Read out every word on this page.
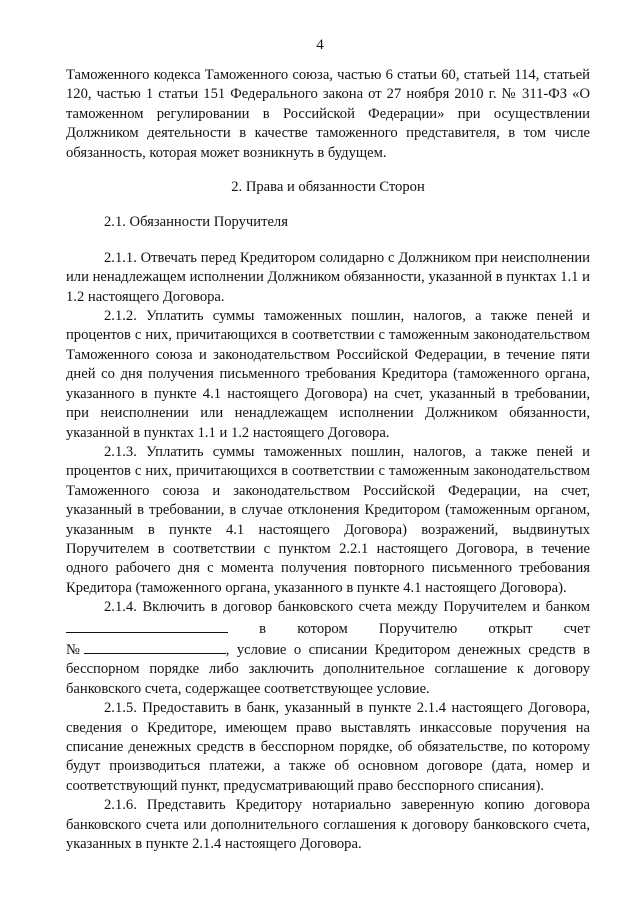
4

Таможенного кодекса Таможенного союза, частью 6 статьи 60, статьей 114, статьей 120, частью 1 статьи 151 Федерального закона от 27 ноября 2010 г. № 311-ФЗ «О таможенном регулировании в Российской Федерации» при осуществлении Должником деятельности в качестве таможенного представителя, в том числе обязанность, которая может возникнуть в будущем.

2. Права и обязанности Сторон

2.1. Обязанности Поручителя

2.1.1. Отвечать перед Кредитором солидарно с Должником при неисполнении или ненадлежащем исполнении Должником обязанности, указанной в пунктах 1.1 и 1.2 настоящего Договора.

2.1.2. Уплатить суммы таможенных пошлин, налогов, а также пеней и процентов с них, причитающихся в соответствии с таможенным законодательством Таможенного союза и законодательством Российской Федерации, в течение пяти дней со дня получения письменного требования Кредитора (таможенного органа, указанного в пункте 4.1 настоящего Договора) на счет, указанный в требовании, при неисполнении или ненадлежащем исполнении Должником обязанности, указанной в пунктах 1.1 и 1.2 настоящего Договора.

2.1.3. Уплатить суммы таможенных пошлин, налогов, а также пеней и процентов с них, причитающихся в соответствии с таможенным законодательством Таможенного союза и законодательством Российской Федерации, на счет, указанный в требовании, в случае отклонения Кредитором (таможенным органом, указанным в пункте 4.1 настоящего Договора) возражений, выдвинутых Поручителем в соответствии с пунктом 2.2.1 настоящего Договора, в течение одного рабочего дня с момента получения повторного письменного требования Кредитора (таможенного органа, указанного в пункте 4.1 настоящего Договора).

2.1.4. Включить в договор банковского счета между Поручителем и банком

в котором Поручителю открыт счет

№	, условие о списании Кредитором денежных средств в бесспорном порядке либо заключить дополнительное соглашение к договору банковского счета, содержащее соответствующее условие.

2.1.5. Предоставить в банк, указанный в пункте 2.1.4 настоящего Договора, сведения о Кредиторе, имеющем право выставлять инкассовые поручения на списание денежных средств в бесспорном порядке, об обязательстве, по которому будут производиться платежи, а также об основном договоре (дата, номер и соответствующий пункт, предусматривающий право бесспорного списания).

2.1.6. Представить Кредитору нотариально заверенную копию договора банковского счета или дополнительного соглашения к договору банковского счета, указанных в пункте 2.1.4 настоящего Договора.
